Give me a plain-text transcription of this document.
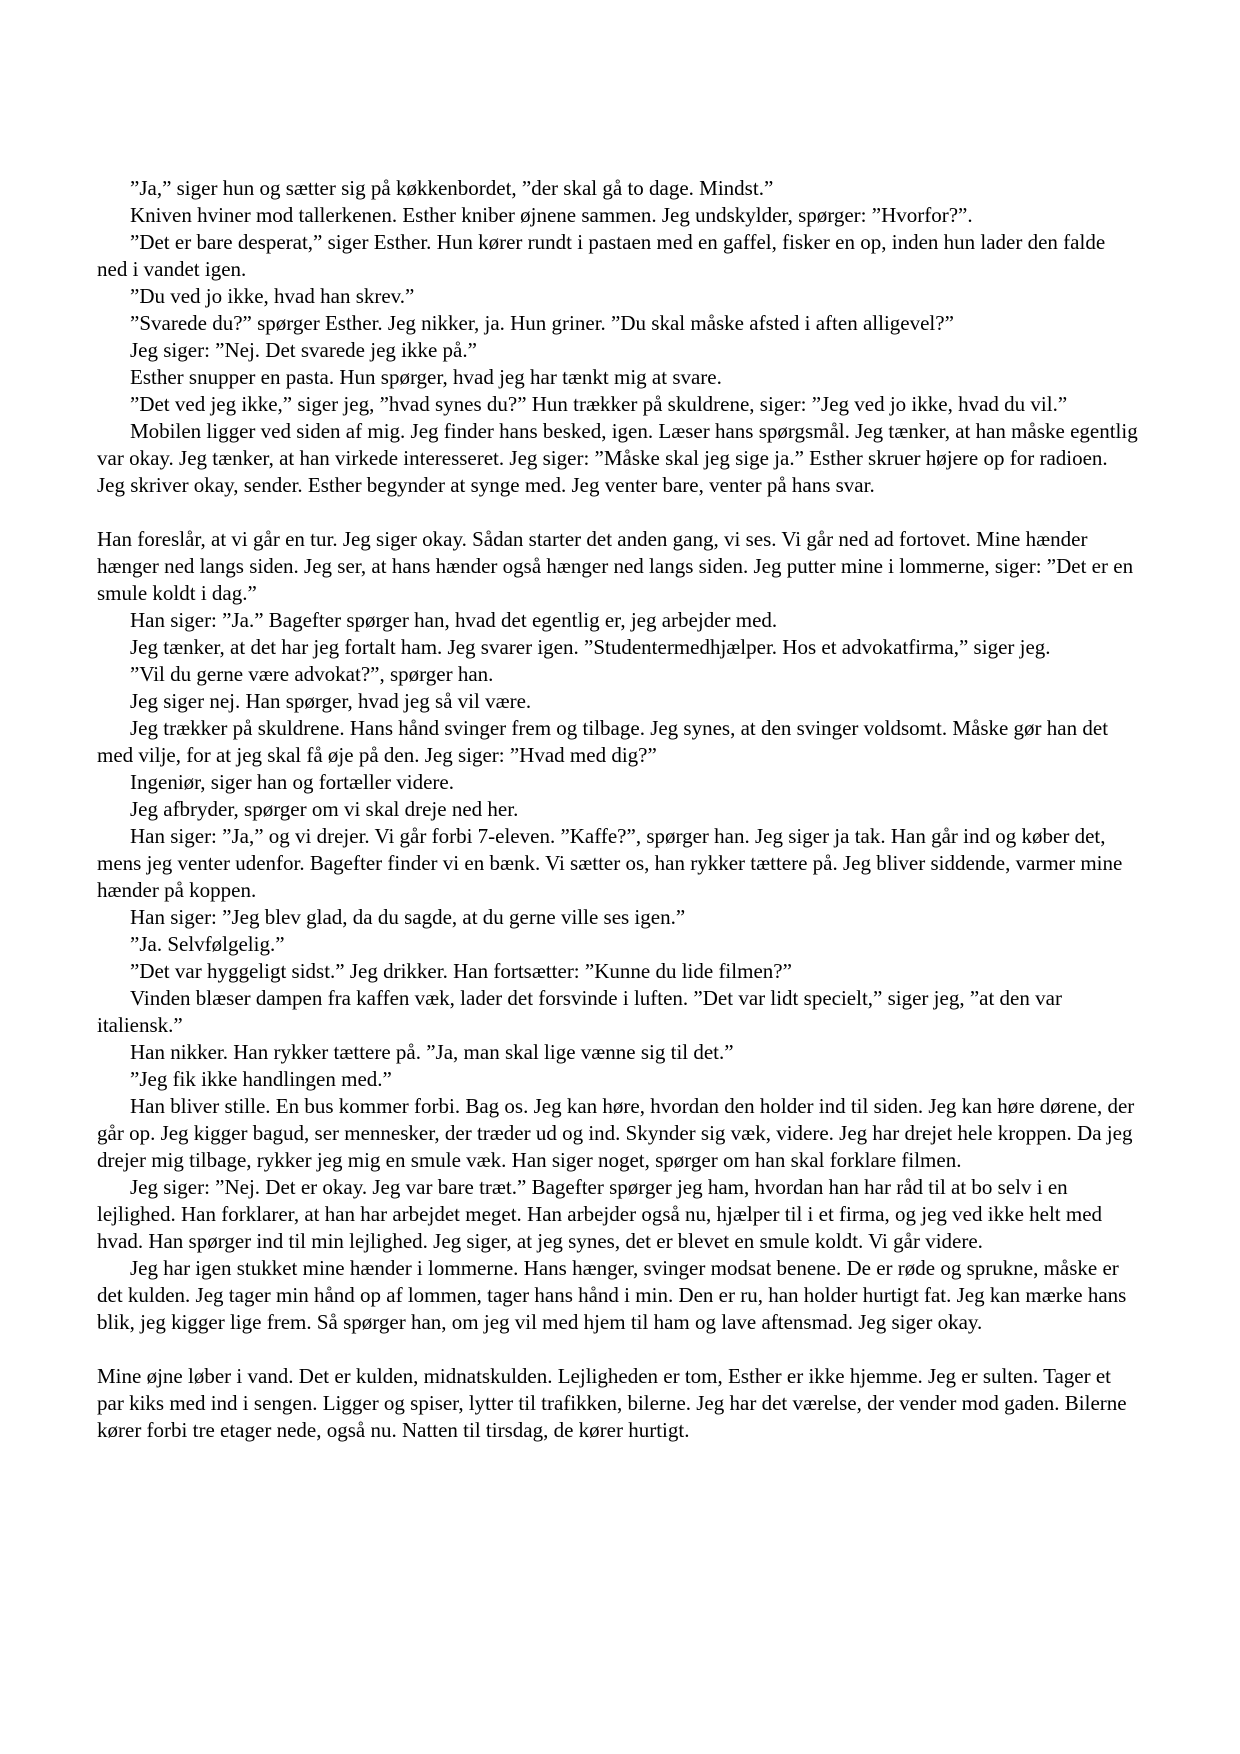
”Ja,” siger hun og sætter sig på køkkenbordet, ”der skal gå to dage. Mindst.”

Kniven hviner mod tallerkenen. Esther kniber øjnene sammen. Jeg undskylder, spørger: ”Hvorfor?”.

”Det er bare desperat,” siger Esther. Hun kører rundt i pastaen med en gaffel, fisker en op, inden hun lader den falde ned i vandet igen.

”Du ved jo ikke, hvad han skrev.”

”Svarede du?” spørger Esther. Jeg nikker, ja. Hun griner. ”Du skal måske afsted i aften alligevel?”

Jeg siger: ”Nej. Det svarede jeg ikke på.”

Esther snupper en pasta. Hun spørger, hvad jeg har tænkt mig at svare.

”Det ved jeg ikke,” siger jeg, ”hvad synes du?” Hun trækker på skuldrene, siger: ”Jeg ved jo ikke, hvad du vil.”

Mobilen ligger ved siden af mig. Jeg finder hans besked, igen. Læser hans spørgsmål. Jeg tænker, at han måske egentlig var okay. Jeg tænker, at han virkede interesseret. Jeg siger: ”Måske skal jeg sige ja.” Esther skruer højere op for radioen. Jeg skriver okay, sender. Esther begynder at synge med. Jeg venter bare, venter på hans svar.

Han foreslår, at vi går en tur. Jeg siger okay. Sådan starter det anden gang, vi ses. Vi går ned ad fortovet. Mine hænder hænger ned langs siden. Jeg ser, at hans hænder også hænger ned langs siden. Jeg putter mine i lommerne, siger: ”Det er en smule koldt i dag.”

Han siger: ”Ja.” Bagefter spørger han, hvad det egentlig er, jeg arbejder med.

Jeg tænker, at det har jeg fortalt ham. Jeg svarer igen. ”Studentermedhjælper. Hos et advokatfirma,” siger jeg.

”Vil du gerne være advokat?”, spørger han.

Jeg siger nej. Han spørger, hvad jeg så vil være.

Jeg trækker på skuldrene. Hans hånd svinger frem og tilbage. Jeg synes, at den svinger voldsomt. Måske gør han det med vilje, for at jeg skal få øje på den. Jeg siger: ”Hvad med dig?”

Ingeniør, siger han og fortæller videre.

Jeg afbryder, spørger om vi skal dreje ned her.

Han siger: ”Ja,” og vi drejer. Vi går forbi 7-eleven. ”Kaffe?”, spørger han. Jeg siger ja tak. Han går ind og køber det, mens jeg venter udenfor. Bagefter finder vi en bænk. Vi sætter os, han rykker tættere på. Jeg bliver siddende, varmer mine hænder på koppen.

Han siger: ”Jeg blev glad, da du sagde, at du gerne ville ses igen.”

”Ja. Selvfølgelig.”

”Det var hyggeligt sidst.” Jeg drikker. Han fortsætter: ”Kunne du lide filmen?”

Vinden blæser dampen fra kaffen væk, lader det forsvinde i luften. ”Det var lidt specielt,” siger jeg, ”at den var italiensk.”

Han nikker. Han rykker tættere på. ”Ja, man skal lige vænne sig til det.”

”Jeg fik ikke handlingen med.”

Han bliver stille. En bus kommer forbi. Bag os. Jeg kan høre, hvordan den holder ind til siden. Jeg kan høre dørene, der går op. Jeg kigger bagud, ser mennesker, der træder ud og ind. Skynder sig væk, videre. Jeg har drejet hele kroppen. Da jeg drejer mig tilbage, rykker jeg mig en smule væk. Han siger noget, spørger om han skal forklare filmen.

Jeg siger: ”Nej. Det er okay. Jeg var bare træt.” Bagefter spørger jeg ham, hvordan han har råd til at bo selv i en lejlighed. Han forklarer, at han har arbejdet meget. Han arbejder også nu, hjælper til i et firma, og jeg ved ikke helt med hvad. Han spørger ind til min lejlighed. Jeg siger, at jeg synes, det er blevet en smule koldt. Vi går videre.

Jeg har igen stukket mine hænder i lommerne. Hans hænger, svinger modsat benene. De er røde og sprukne, måske er det kulden. Jeg tager min hånd op af lommen, tager hans hånd i min. Den er ru, han holder hurtigt fat. Jeg kan mærke hans blik, jeg kigger lige frem. Så spørger han, om jeg vil med hjem til ham og lave aftensmad. Jeg siger okay.

Mine øjne løber i vand. Det er kulden, midnatskulden. Lejligheden er tom, Esther er ikke hjemme. Jeg er sulten. Tager et par kiks med ind i sengen. Ligger og spiser, lytter til trafikken, bilerne. Jeg har det værelse, der vender mod gaden. Bilerne kører forbi tre etager nede, også nu. Natten til tirsdag, de kører hurtigt.
